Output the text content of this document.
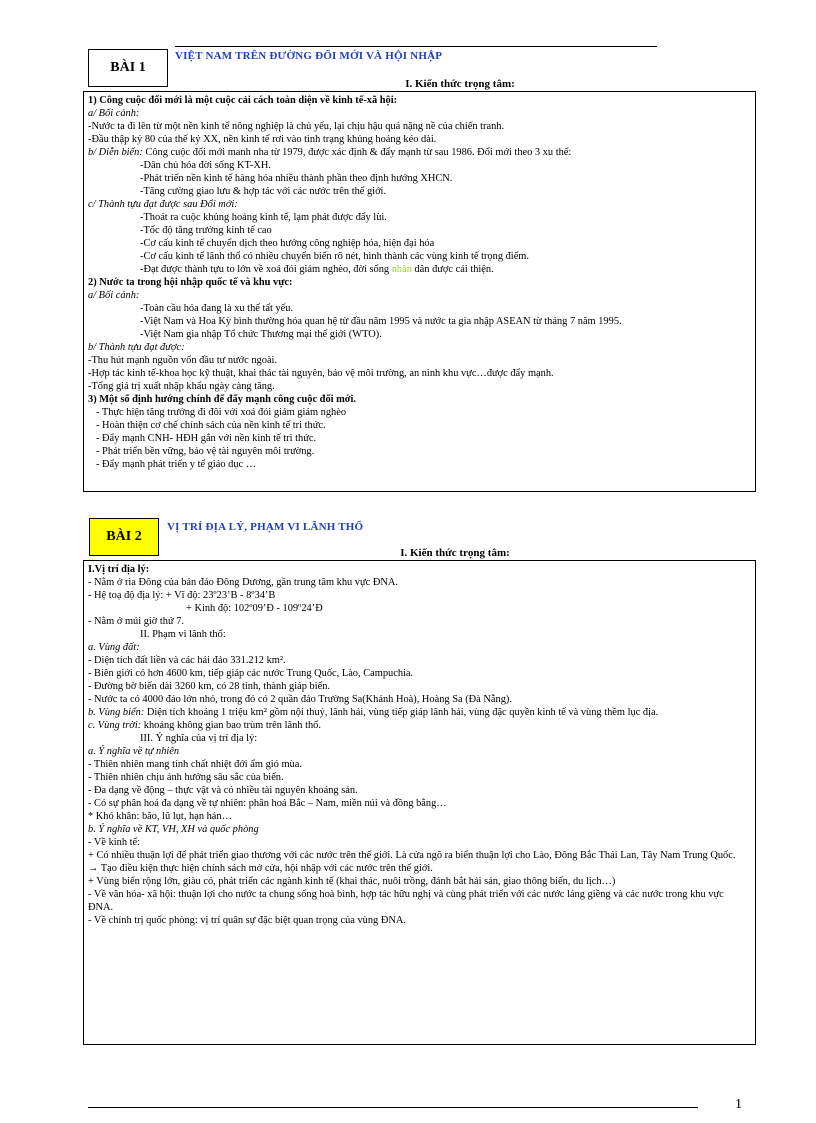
BÀI 1
VIỆT NAM TRÊN ĐƯỜNG ĐỔI MỚI VÀ HỘI NHẬP
I. Kiến thức trọng tâm:
1) Công cuộc đổi mới là một cuộc cải cách toàn diện về kinh tế-xã hội:
a/ Bối cảnh:
-Nước ta đi lên từ một nền kinh tế nông nghiệp là chủ yếu, lại chịu hậu quả nặng nề của chiến tranh.
-Đầu thập kỷ 80 của thế kỷ XX, nền kinh tế rơi vào tình trạng khủng hoảng kéo dài.
b/ Diễn biến: Công cuộc đổi mới manh nha từ 1979, được xác định & đẩy mạnh từ sau 1986. Đổi mới theo 3 xu thế:
-Dân chủ hóa đời sống KT-XH.
-Phát triển nền kinh tế hàng hóa nhiều thành phần theo định hướng XHCN.
-Tăng cường giao lưu & hợp tác với các nước trên thế giới.
c/ Thành tựu đạt được sau Đổi mới:
-Thoát ra cuộc khủng hoảng kinh tế, lạm phát được đẩy lùi.
-Tốc độ tăng trưởng kinh tế cao
-Cơ cấu kinh tế chuyển dịch theo hướng công nghiệp hóa, hiện đại hóa
-Cơ cấu kinh tế lãnh thổ có nhiều chuyển biến rõ nét, hình thành các vùng kinh tế trọng điểm.
-Đạt được thành tựu to lớn về xoá đói giảm nghèo, đời sống nhân dân được cải thiện.
2) Nước ta trong hội nhập quốc tế và khu vực:
a/ Bối cảnh:
-Toàn cầu hóa đang là xu thế tất yếu.
-Việt Nam và Hoa Kỳ bình thường hóa quan hệ từ đầu năm 1995 và nước ta gia nhập ASEAN từ tháng 7 năm 1995.
-Việt Nam gia nhập Tổ chức Thương mại thế giới (WTO).
b/ Thành tựu đạt được:
-Thu hút mạnh nguồn vốn đầu tư nước ngoài.
-Hợp tác kinh tế-khoa học kỹ thuật, khai thác tài nguyên, bảo vệ môi trường, an ninh khu vực…được đẩy mạnh.
-Tổng giá trị xuất nhập khẩu ngày càng tăng.
3) Một số định hướng chính để đẩy mạnh công cuộc đổi mới.
- Thực hiện tăng trưởng đi đôi với xoá đói giảm giảm nghèo
- Hoàn thiện cơ chế chính sách của nền kinh tế tri thức.
- Đẩy mạnh CNH- HĐH gắn với nền kinh tế tri thức.
- Phát triển bền vững, bảo vệ tài nguyên môi trường.
- Đẩy mạnh phát triển y tế giáo dục …
BÀI 2
VỊ TRÍ ĐỊA LÝ, PHẠM VI LÃNH THỔ
I. Kiến thức trọng tâm:
I.Vị trí địa lý:
- Nằm ở rìa Đông của bán đảo Đông Dương, gần trung tâm khu vực ĐNA.
- Hệ toạ độ địa lý: + Vĩ độ: 23º23’B - 8º34’B
+ Kinh độ: 102º09’Đ - 109º24’Đ
- Nằm ở múi giờ thứ 7.
II. Phạm vi lãnh thổ:
a. Vùng đất:
- Diện tích đất liền và các hải đảo 331.212 km².
- Biên giới có hơn 4600 km, tiếp giáp các nước Trung Quốc, Lào, Campuchia.
- Đường bờ biển dài 3260 km, có 28 tỉnh, thành giáp biển.
- Nước ta có 4000 đảo lớn nhỏ, trong đó có 2 quần đảo Trường Sa(Khánh Hoà), Hoàng Sa (Đà Nẵng).
b. Vùng biển: Diện tích khoảng 1 triệu km² gồm nội thuỷ, lãnh hải, vùng tiếp giáp lãnh hải, vùng đặc quyền kinh tế và vùng thềm lục địa.
c. Vùng trời: khoảng không gian bao trùm trên lãnh thổ.
III. Ý nghĩa của vị trí địa lý:
a. Ý nghĩa về tự nhiên
- Thiên nhiên mang tính chất nhiệt đới ẩm gió mùa.
- Thiên nhiên chịu ảnh hưởng sâu sắc của biển.
- Đa dạng về động – thực vật và có nhiều tài nguyên khoáng sản.
- Có sự phân hoá đa dạng về tự nhiên: phân hoá Bắc – Nam, miền núi và đồng bằng…
* Khó khăn: bão, lũ lụt, hạn hán…
b. Ý nghĩa về KT, VH, XH và quốc phòng
- Về kinh tế:
+ Có nhiều thuận lợi để phát triển giao thương với các nước trên thế giới. Là cửa ngõ ra biển thuận lợi cho Lào, Đông Bắc Thái Lan, Tây Nam Trung Quốc.
→ Tạo điều kiện thực hiện chính sách mở cửa, hội nhập với các nước trên thế giới.
+ Vùng biển rộng lớn, giàu có, phát triển các ngành kinh tế (khai thác, nuôi trồng, đánh bắt hải sản, giao thông biển, du lịch…)
- Về văn hóa- xã hội: thuận lợi cho nước ta chung sống hoà bình, hợp tác hữu nghị và cùng phát triển với các nước láng giềng và các nước trong khu vực ĐNA.
- Về chính trị quốc phòng: vị trí quân sự đặc biệt quan trọng của vùng ĐNA.
1
